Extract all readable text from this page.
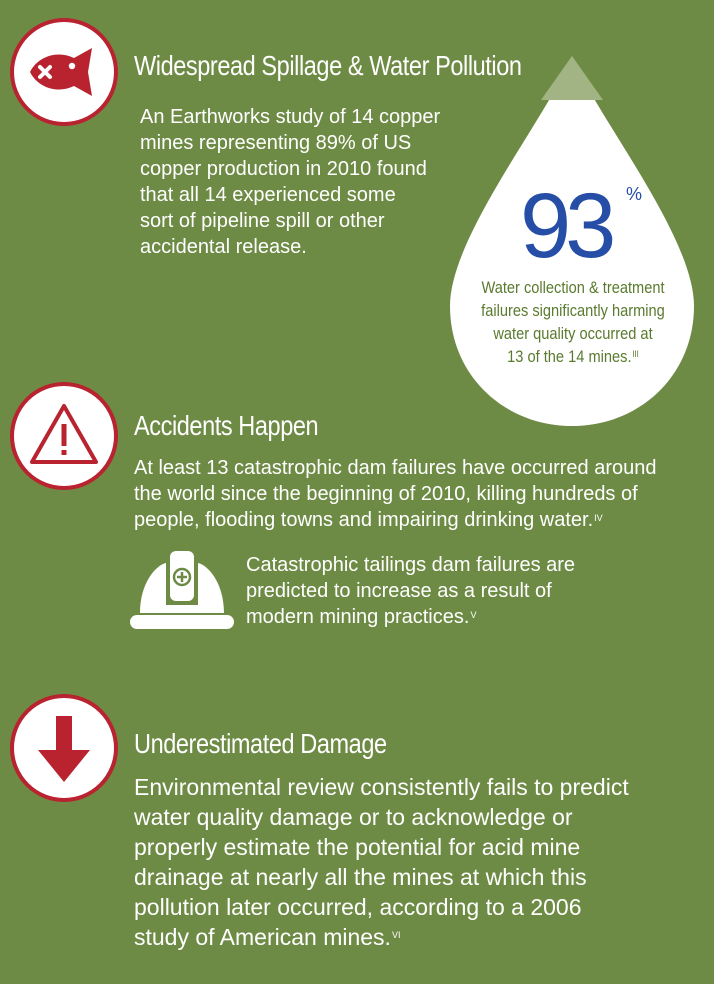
Widespread Spillage & Water Pollution
An Earthworks study of 14 copper
mines representing 89% of US
copper production in 2010 found
that all 14 experienced some
sort of pipeline spill or other
accidental release.	93 %
Water collection & treatment
failures significantly harming
water quality occurred at
13 of the 14 mines.$^{III}$
Accidents Happen
At least 13 catastrophic dam failures have occurred around
the world since the beginning of 2010, killing hundreds of
people, flooding towns and impairing drinking water.$^{IV}$
Catastrophic tailings dam failures are
predicted to increase as a result of
modern mining practices.$^V$
Underestimated Damage
Environmental review consistently fails to predict
water quality damage or to acknowledge or
properly estimate the potential for acid mine
drainage at nearly all the mines at which this
pollution later occurred, according to a 2006
study of American mines.$^{VI}$
